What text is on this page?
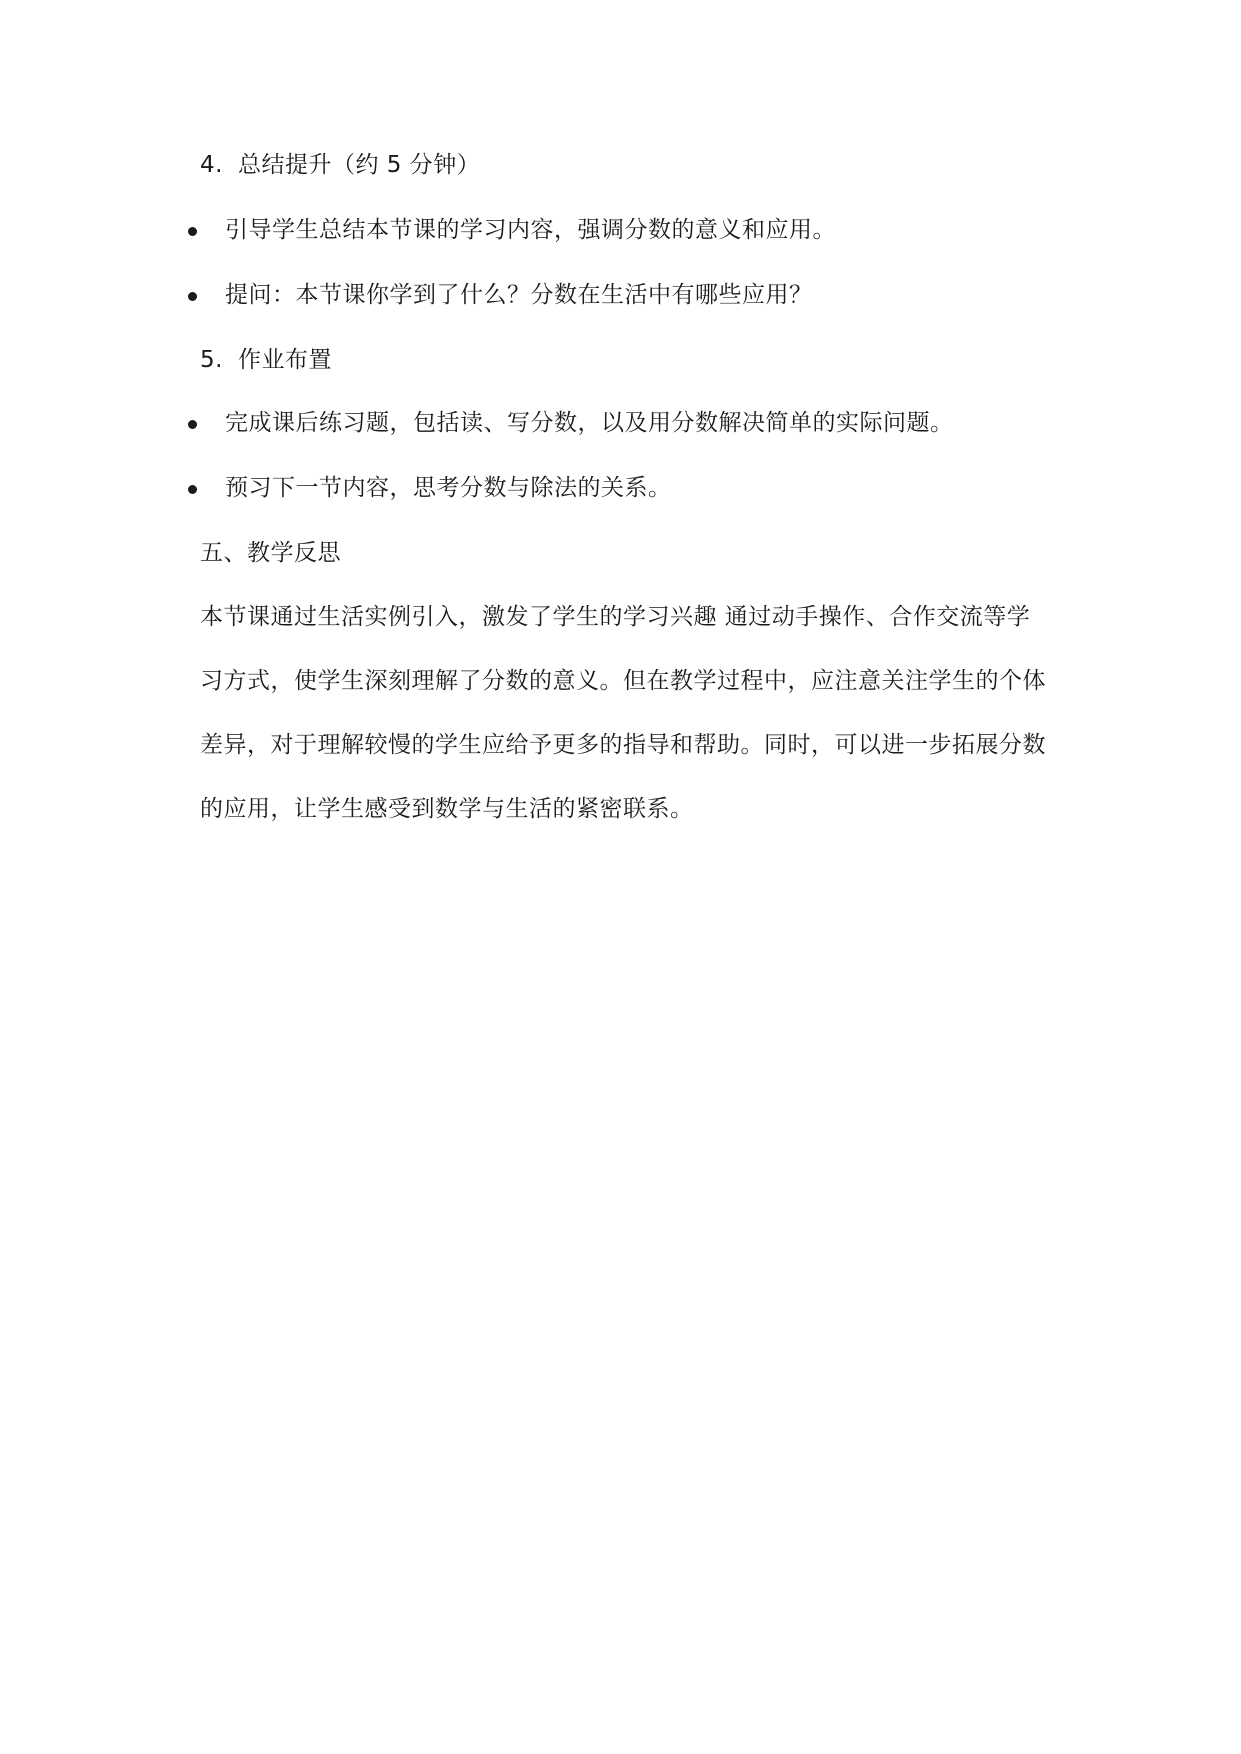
4. 总结提升（约 5 分钟）
引导学生总结本节课的学习内容，强调分数的意义和应用。
提问：本节课你学到了什么？分数在生活中有哪些应用？
5. 作业布置
完成课后练习题，包括读、写分数，以及用分数解决简单的实际问题。
预习下一节内容，思考分数与除法的关系。
五、教学反思
本节课通过生活实例引入，激发了学生的学习兴趣 通过动手操作、合作交流等学
习方式，使学生深刻理解了分数的意义。但在教学过程中，应注意关注学生的个体
差异，对于理解较慢的学生应给予更多的指导和帮助。同时，可以进一步拓展分数
的应用，让学生感受到数学与生活的紧密联系。
